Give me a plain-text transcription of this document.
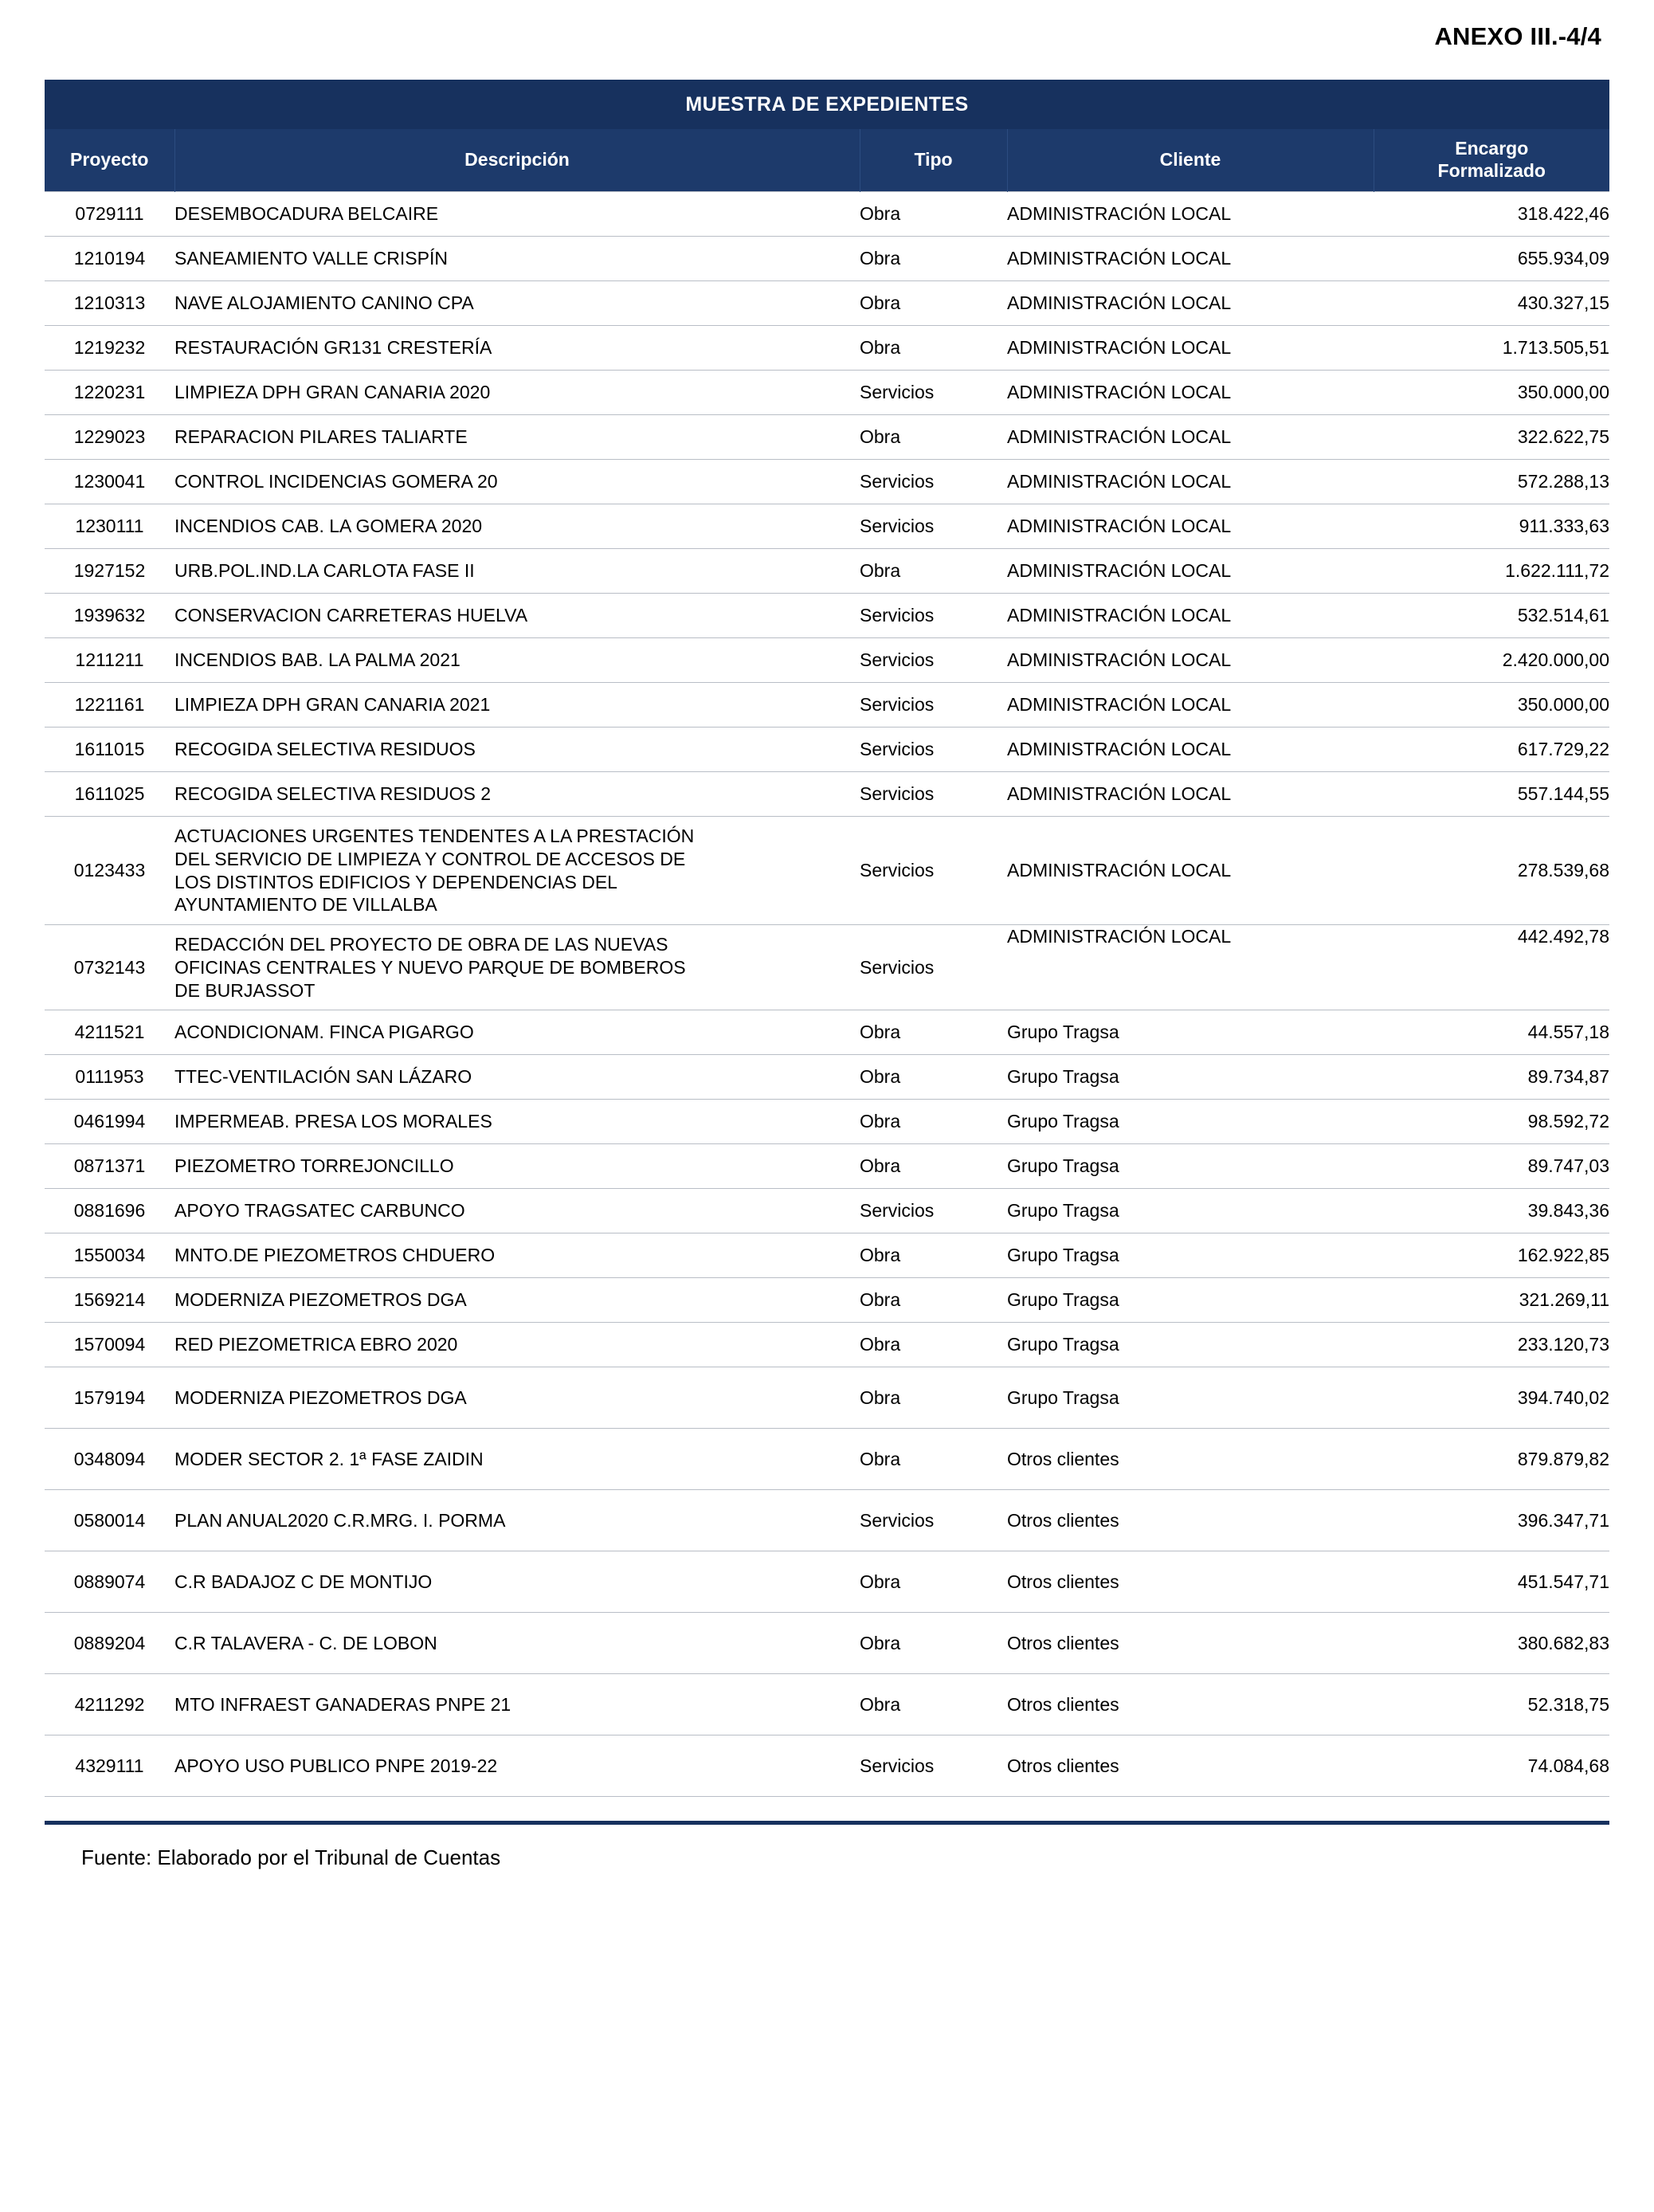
ANEXO III.-4/4
MUESTRA DE EXPEDIENTES				
Proyecto	Descripción	Tipo	Cliente	Encargo
Formalizado
0729111	DESEMBOCADURA BELCAIRE	Obra	ADMINISTRACIÓN LOCAL	318.422,46
1210194	SANEAMIENTO VALLE CRISPÍN	Obra	ADMINISTRACIÓN LOCAL	655.934,09
1210313	NAVE ALOJAMIENTO CANINO CPA	Obra	ADMINISTRACIÓN LOCAL	430.327,15
1219232	RESTAURACIÓN GR131 CRESTERÍA	Obra	ADMINISTRACIÓN LOCAL	1.713.505,51
1220231	LIMPIEZA DPH GRAN CANARIA 2020	Servicios	ADMINISTRACIÓN LOCAL	350.000,00
1229023	REPARACION PILARES TALIARTE	Obra	ADMINISTRACIÓN LOCAL	322.622,75
1230041	CONTROL INCIDENCIAS GOMERA 20	Servicios	ADMINISTRACIÓN LOCAL	572.288,13
1230111	INCENDIOS CAB. LA GOMERA 2020	Servicios	ADMINISTRACIÓN LOCAL	911.333,63
1927152	URB.POL.IND.LA CARLOTA FASE II	Obra	ADMINISTRACIÓN LOCAL	1.622.111,72
1939632	CONSERVACION CARRETERAS HUELVA	Servicios	ADMINISTRACIÓN LOCAL	532.514,61
1211211	INCENDIOS BAB. LA PALMA 2021	Servicios	ADMINISTRACIÓN LOCAL	2.420.000,00
1221161	LIMPIEZA DPH GRAN CANARIA 2021	Servicios	ADMINISTRACIÓN LOCAL	350.000,00
1611015	RECOGIDA SELECTIVA RESIDUOS	Servicios	ADMINISTRACIÓN LOCAL	617.729,22
1611025	RECOGIDA SELECTIVA RESIDUOS 2	Servicios	ADMINISTRACIÓN LOCAL	557.144,55
0123433	ACTUACIONES URGENTES TENDENTES A LA PRESTACIÓN
DEL SERVICIO DE LIMPIEZA Y CONTROL DE ACCESOS DE
LOS DISTINTOS EDIFICIOS Y DEPENDENCIAS DEL
AYUNTAMIENTO DE VILLALBA	Servicios	ADMINISTRACIÓN LOCAL	278.539,68
0732143	REDACCIÓN DEL PROYECTO DE OBRA DE LAS NUEVAS
OFICINAS CENTRALES Y NUEVO PARQUE DE BOMBEROS
DE BURJASSOT	Servicios	ADMINISTRACIÓN LOCAL	442.492,78
4211521	ACONDICIONAM. FINCA PIGARGO	Obra	Grupo Tragsa	44.557,18
0111953	TTEC-VENTILACIÓN SAN LÁZARO	Obra	Grupo Tragsa	89.734,87
0461994	IMPERMEAB. PRESA LOS MORALES	Obra	Grupo Tragsa	98.592,72
0871371	PIEZOMETRO TORREJONCILLO	Obra	Grupo Tragsa	89.747,03
0881696	APOYO TRAGSATEC CARBUNCO	Servicios	Grupo Tragsa	39.843,36
1550034	MNTO.DE PIEZOMETROS CHDUERO	Obra	Grupo Tragsa	162.922,85
1569214	MODERNIZA PIEZOMETROS DGA	Obra	Grupo Tragsa	321.269,11
1570094	RED PIEZOMETRICA EBRO 2020	Obra	Grupo Tragsa	233.120,73
1579194	MODERNIZA PIEZOMETROS DGA	Obra	Grupo Tragsa	394.740,02
0348094	MODER SECTOR 2. 1ª FASE ZAIDIN	Obra	Otros clientes	879.879,82
0580014	PLAN ANUAL2020 C.R.MRG. I. PORMA	Servicios	Otros clientes	396.347,71
0889074	C.R BADAJOZ C DE MONTIJO	Obra	Otros clientes	451.547,71
0889204	C.R TALAVERA - C. DE LOBON	Obra	Otros clientes	380.682,83
4211292	MTO INFRAEST GANADERAS PNPE 21	Obra	Otros clientes	52.318,75
4329111	APOYO USO PUBLICO PNPE 2019-22	Servicios	Otros clientes	74.084,68
Fuente: Elaborado por el Tribunal de Cuentas
